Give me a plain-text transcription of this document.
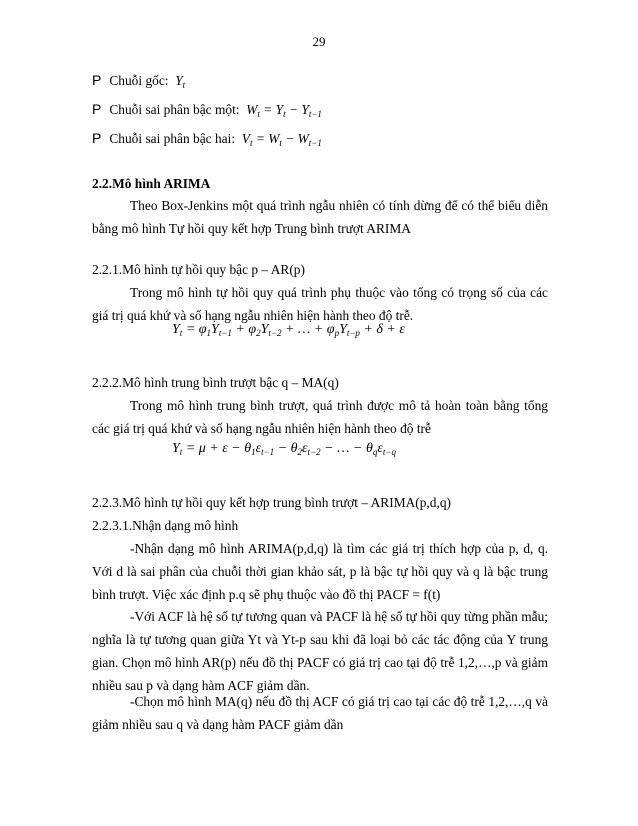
29
P Chuỗi gốc:  $Y_t$
P Chuỗi sai phân bậc một:  $W_t = Y_t - Y_{t-1}$
P Chuỗi sai phân bậc hai:  $V_t = W_t - W_{t-1}$
2.2.Mô hình ARIMA
Theo Box-Jenkins một quá trình ngẫu nhiên có tính dừng để có thể biểu diễn bằng mô hình Tự hồi quy kết hợp Trung bình trượt ARIMA
2.2.1.Mô hình tự hồi quy bậc p – AR(p)
Trong mô hình tự hồi quy quá trình phụ thuộc vào tổng có trọng số của các giá trị quá khứ và số hạng ngẫu nhiên hiện hành theo độ trễ.
$Y_t = \varphi_1Y_{t-1} + \varphi_2Y_{t-2}$ + … + $\varphi_pY_{t-p} + \delta + \varepsilon$
2.2.2.Mô hình trung bình trượt bậc q – MA(q)
Trong mô hình trung bình trượt, quá trình được mô tả hoàn toàn bằng tổng các giá trị quá khứ và số hạng ngẫu nhiên hiện hành theo độ trễ
$Y_t = \mu + \varepsilon - \theta_1\varepsilon_{t-1} - \theta_2\varepsilon_{t-2}$ − … − $\theta_q\varepsilon_{t-q}$
2.2.3.Mô hình tự hồi quy kết hợp trung bình trượt – ARIMA(p,d,q)
2.2.3.1.Nhận dạng mô hình
-Nhận dạng mô hình ARIMA(p,d,q) là tìm các giá trị thích hợp của p, d, q. Với d là sai phân của chuỗi thời gian khảo sát, p là bậc tự hồi quy và q là bậc trung bình trượt. Việc xác định p.q sẽ phụ thuộc vào đồ thị PACF = f(t)
-Với ACF là hệ số tự tương quan và PACF là hệ số tự hồi quy từng phần mẫu; nghĩa là tự tương quan giữa Yt và Yt-p sau khi đã loại bỏ các tác động của Y trung gian. Chọn mô hình AR(p) nếu đồ thị PACF có giá trị cao tại độ trễ 1,2,…,p và giảm nhiều sau p và dạng hàm ACF giảm dần.
-Chọn mô hình MA(q) nếu đồ thị ACF có giá trị cao tại các độ trễ 1,2,…,q và giảm nhiều sau q và dạng hàm PACF giảm dần
